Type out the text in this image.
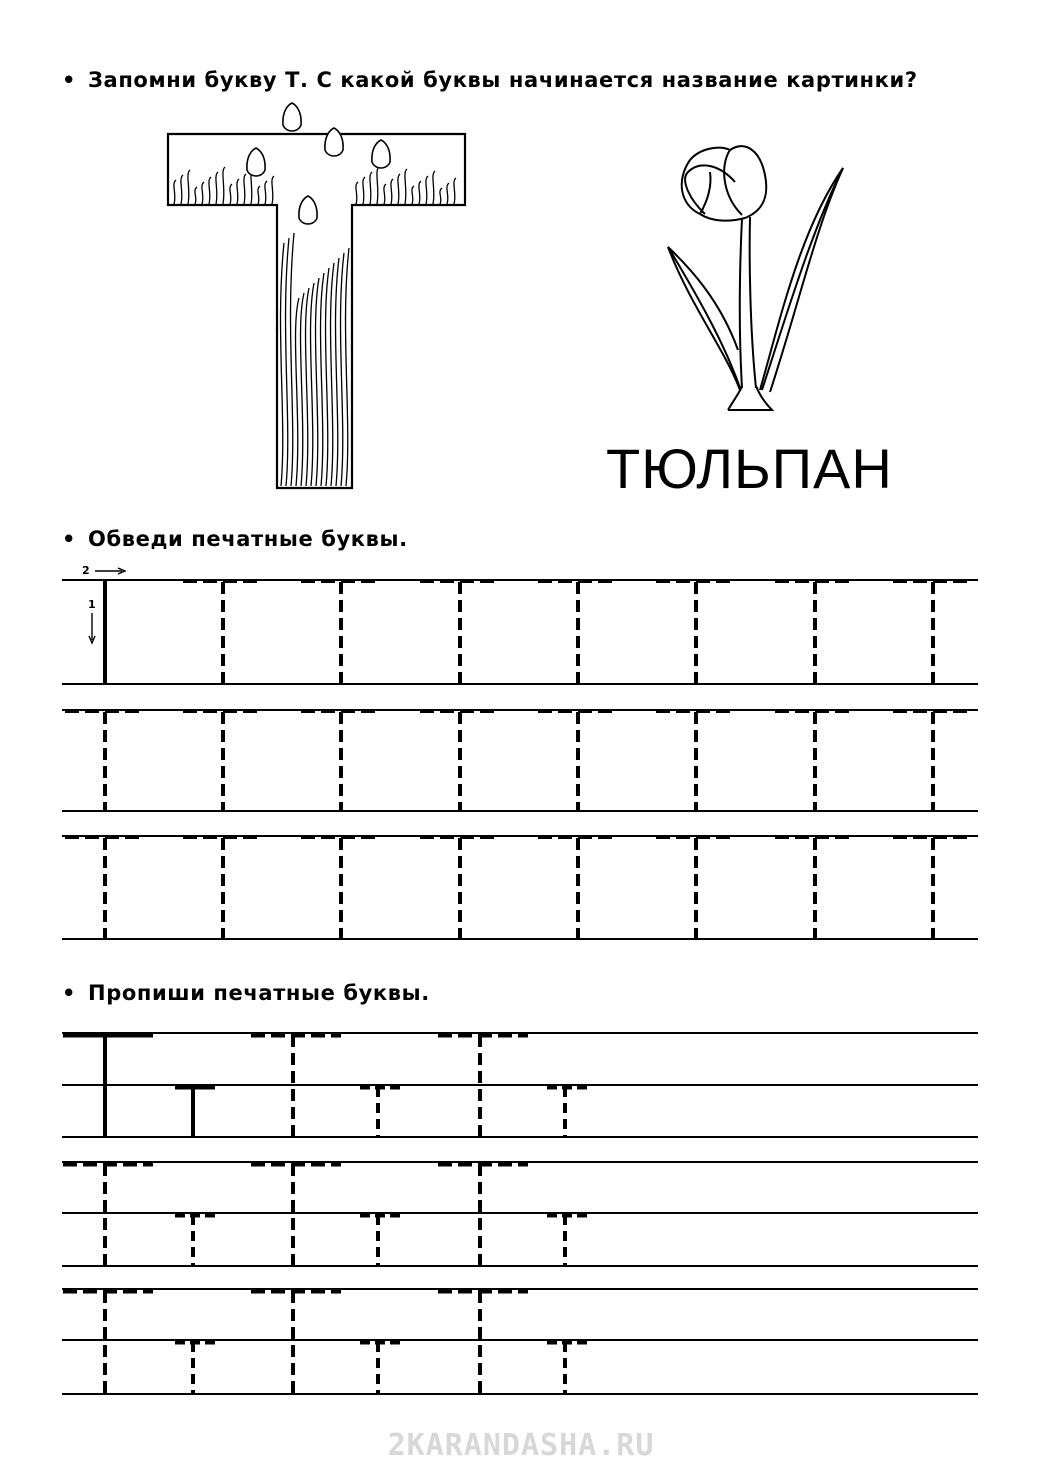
• Запомни букву Т. С какой буквы начинается название картинки?
ТЮЛЬПАН
• Обведи печатные буквы.
• Пропиши печатные буквы.
2
1
2KARANDASHA.RU
